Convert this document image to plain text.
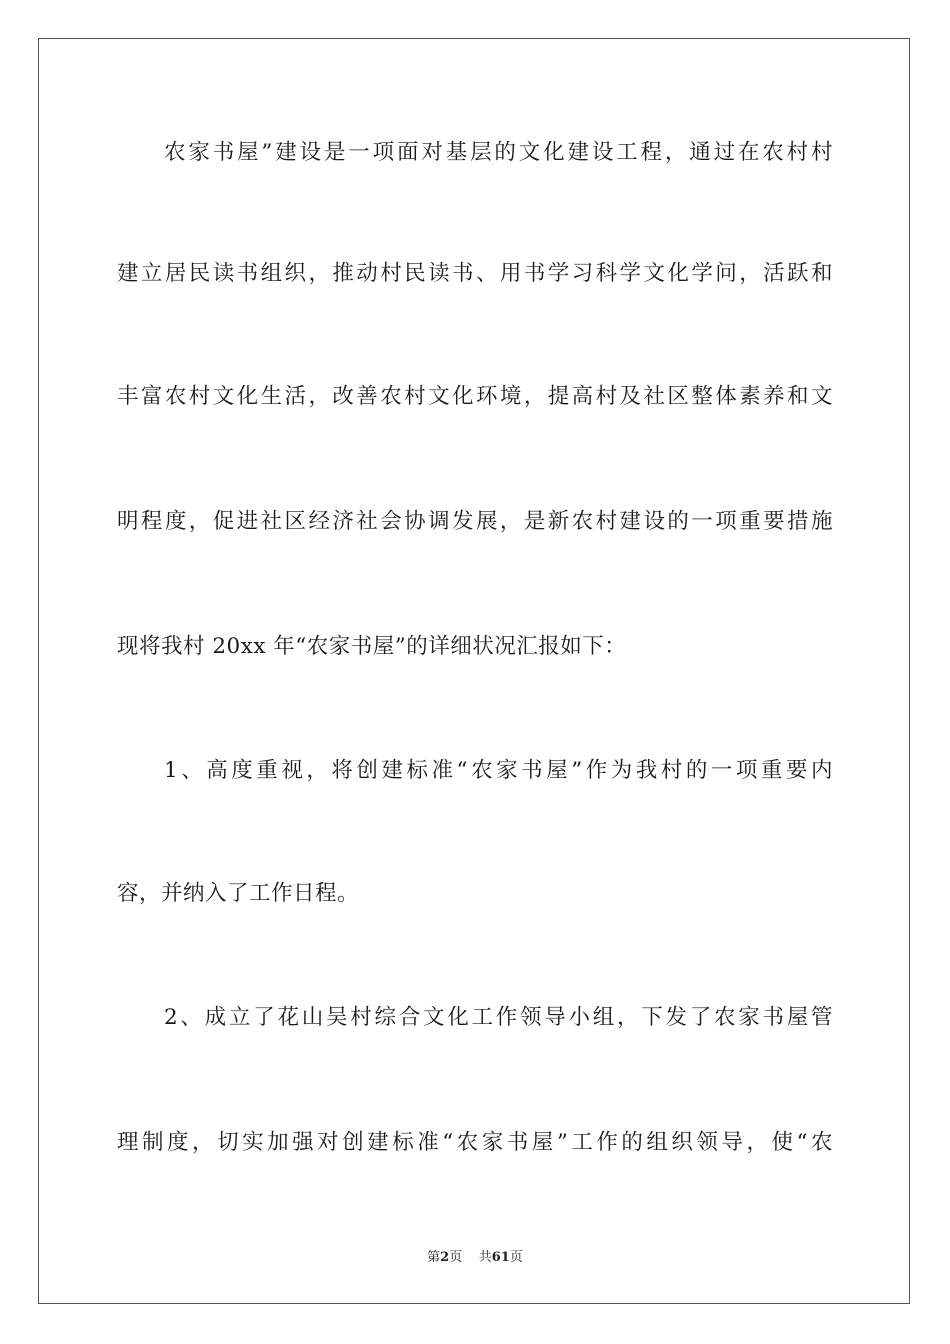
农家书屋”建设是一项面对基层的文化建设工程，通过在农村村
建立居民读书组织，推动村民读书、用书学习科学文化学问，活跃和
丰富农村文化生活，改善农村文化环境，提高村及社区整体素养和文
明程度，促进社区经济社会协调发展，是新农村建设的一项重要措施
现将我村 20xx 年“农家书屋”的详细状况汇报如下：
1、高度重视，将创建标准“农家书屋”作为我村的一项重要内
容，并纳入了工作日程。
2、成立了花山吴村综合文化工作领导小组，下发了农家书屋管
理制度，切实加强对创建标准“农家书屋”工作的组织领导，使“农
第2页 共61页
